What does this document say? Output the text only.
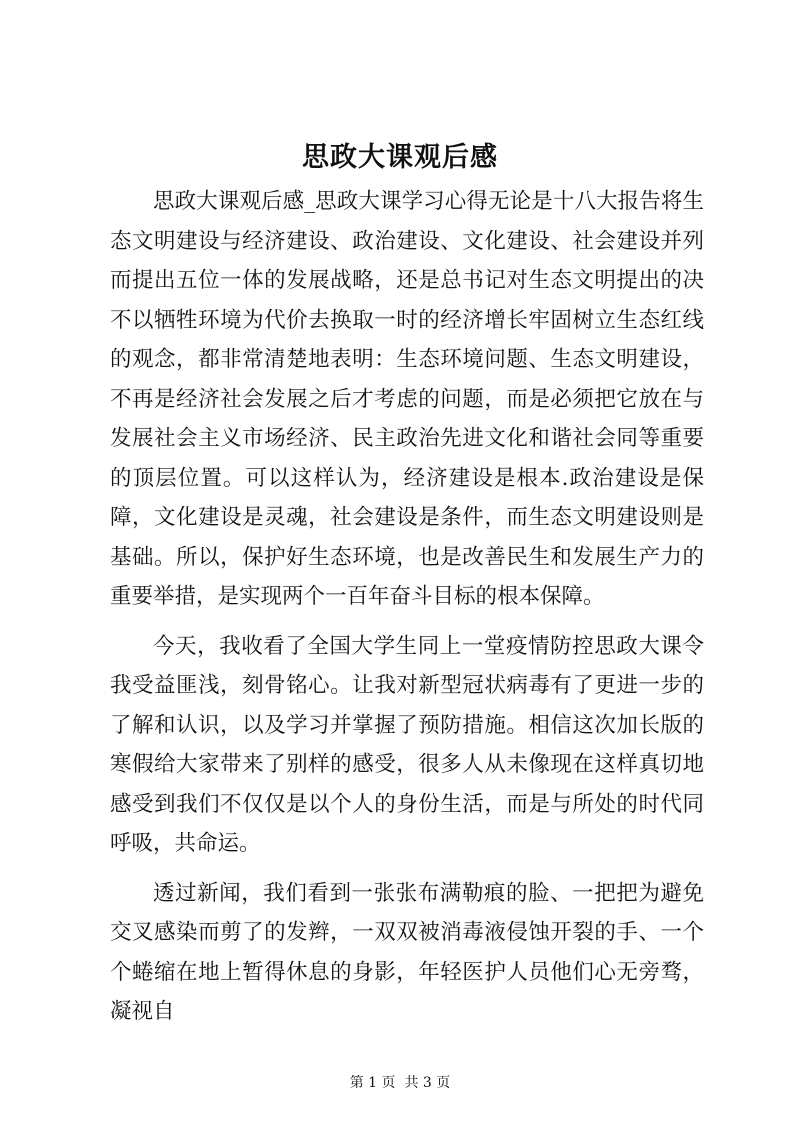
思政大课观后感

思政大课观后感_思政大课学习心得无论是十八大报告将生态文明建设与经济建设、政治建设、文化建设、社会建设并列而提出五位一体的发展战略，还是总书记对生态文明提出的决不以牺牲环境为代价去换取一时的经济增长牢固树立生态红线的观念，都非常清楚地表明：生态环境问题、生态文明建设，不再是经济社会发展之后才考虑的问题，而是必须把它放在与发展社会主义市场经济、民主政治先进文化和谐社会同等重要的顶层位置。可以这样认为，经济建设是根本.政治建设是保障，文化建设是灵魂，社会建设是条件，而生态文明建设则是基础。所以，保护好生态环境，也是改善民生和发展生产力的重要举措，是实现两个一百年奋斗目标的根本保障。

今天，我收看了全国大学生同上一堂疫情防控思政大课令我受益匪浅，刻骨铭心。让我对新型冠状病毒有了更进一步的了解和认识，以及学习并掌握了预防措施。相信这次加长版的寒假给大家带来了别样的感受，很多人从未像现在这样真切地感受到我们不仅仅是以个人的身份生活，而是与所处的时代同呼吸，共命运。

透过新闻，我们看到一张张布满勒痕的脸、一把把为避免交叉感染而剪了的发辫，一双双被消毒液侵蚀开裂的手、一个个蜷缩在地上暂得休息的身影，年轻医护人员他们心无旁骛，凝视自

第 1 页  共 3 页
